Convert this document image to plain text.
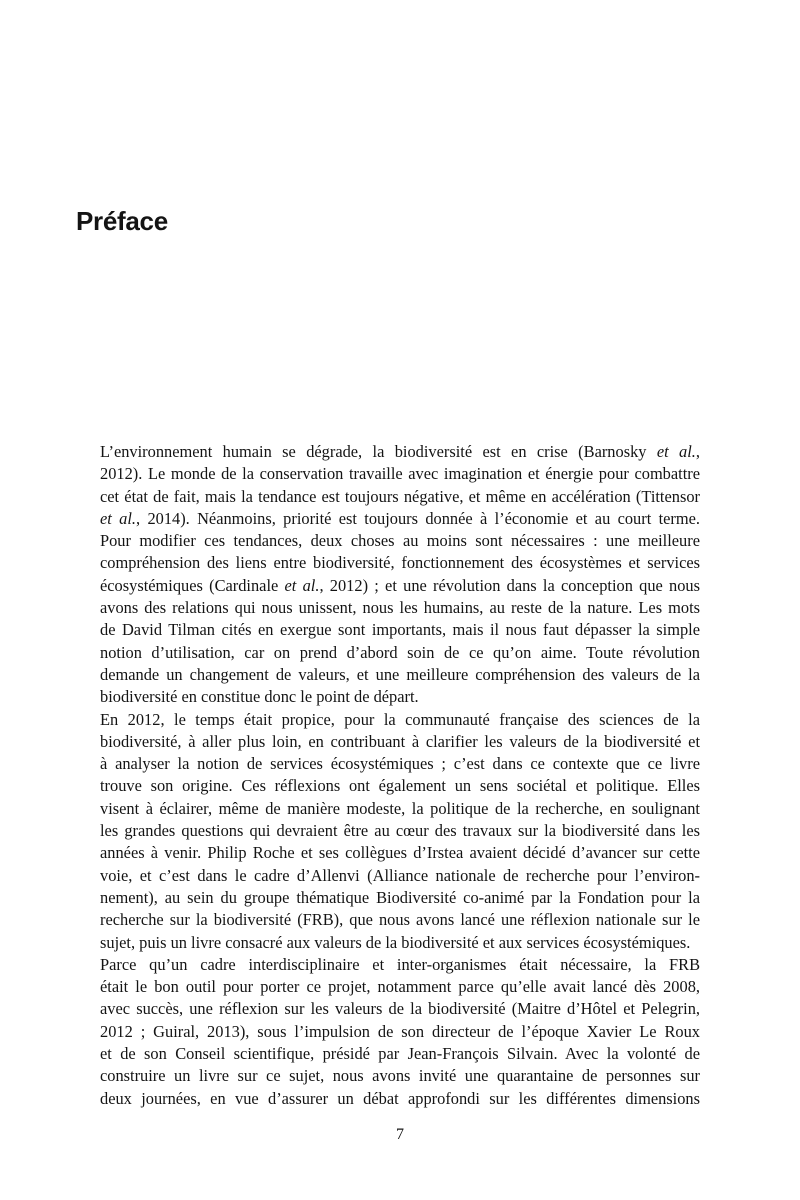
Préface

L’environnement humain se dégrade, la biodiversité est en crise (Barnosky et al.,
2012). Le monde de la conservation travaille avec imagination et énergie pour combattre
cet état de fait, mais la tendance est toujours négative, et même en accélération (Tittensor
et al., 2014). Néanmoins, priorité est toujours donnée à l’économie et au court terme.
Pour modifier ces tendances, deux choses au moins sont nécessaires : une meilleure
compréhension des liens entre biodiversité, fonctionnement des écosystèmes et services
écosystémiques (Cardinale et al., 2012) ; et une révolution dans la conception que nous
avons des relations qui nous unissent, nous les humains, au reste de la nature. Les mots
de David Tilman cités en exergue sont importants, mais il nous faut dépasser la simple
notion d’utilisation, car on prend d’abord soin de ce qu’on aime. Toute révolution
demande un changement de valeurs, et une meilleure compréhension des valeurs de la
biodiversité en constitue donc le point de départ.

En 2012, le temps était propice, pour la communauté française des sciences de la
biodiversité, à aller plus loin, en contribuant à clarifier les valeurs de la biodiversité et
à analyser la notion de services écosystémiques ; c’est dans ce contexte que ce livre
trouve son origine. Ces réflexions ont également un sens sociétal et politique. Elles
visent à éclairer, même de manière modeste, la politique de la recherche, en soulignant
les grandes questions qui devraient être au cœur des travaux sur la biodiversité dans les
années à venir. Philip Roche et ses collègues d’Irstea avaient décidé d’avancer sur cette
voie, et c’est dans le cadre d’Allenvi (Alliance nationale de recherche pour l’environ-
nement), au sein du groupe thématique Biodiversité co-animé par la Fondation pour la
recherche sur la biodiversité (FRB), que nous avons lancé une réflexion nationale sur le
sujet, puis un livre consacré aux valeurs de la biodiversité et aux services écosystémiques.

Parce qu’un cadre interdisciplinaire et inter-organismes était nécessaire, la FRB
était le bon outil pour porter ce projet, notamment parce qu’elle avait lancé dès 2008,
avec succès, une réflexion sur les valeurs de la biodiversité (Maitre d’Hôtel et Pelegrin,
2012 ; Guiral, 2013), sous l’impulsion de son directeur de l’époque Xavier Le Roux
et de son Conseil scientifique, présidé par Jean-François Silvain. Avec la volonté de
construire un livre sur ce sujet, nous avons invité une quarantaine de personnes sur
deux journées, en vue d’assurer un débat approfondi sur les différentes dimensions

7
